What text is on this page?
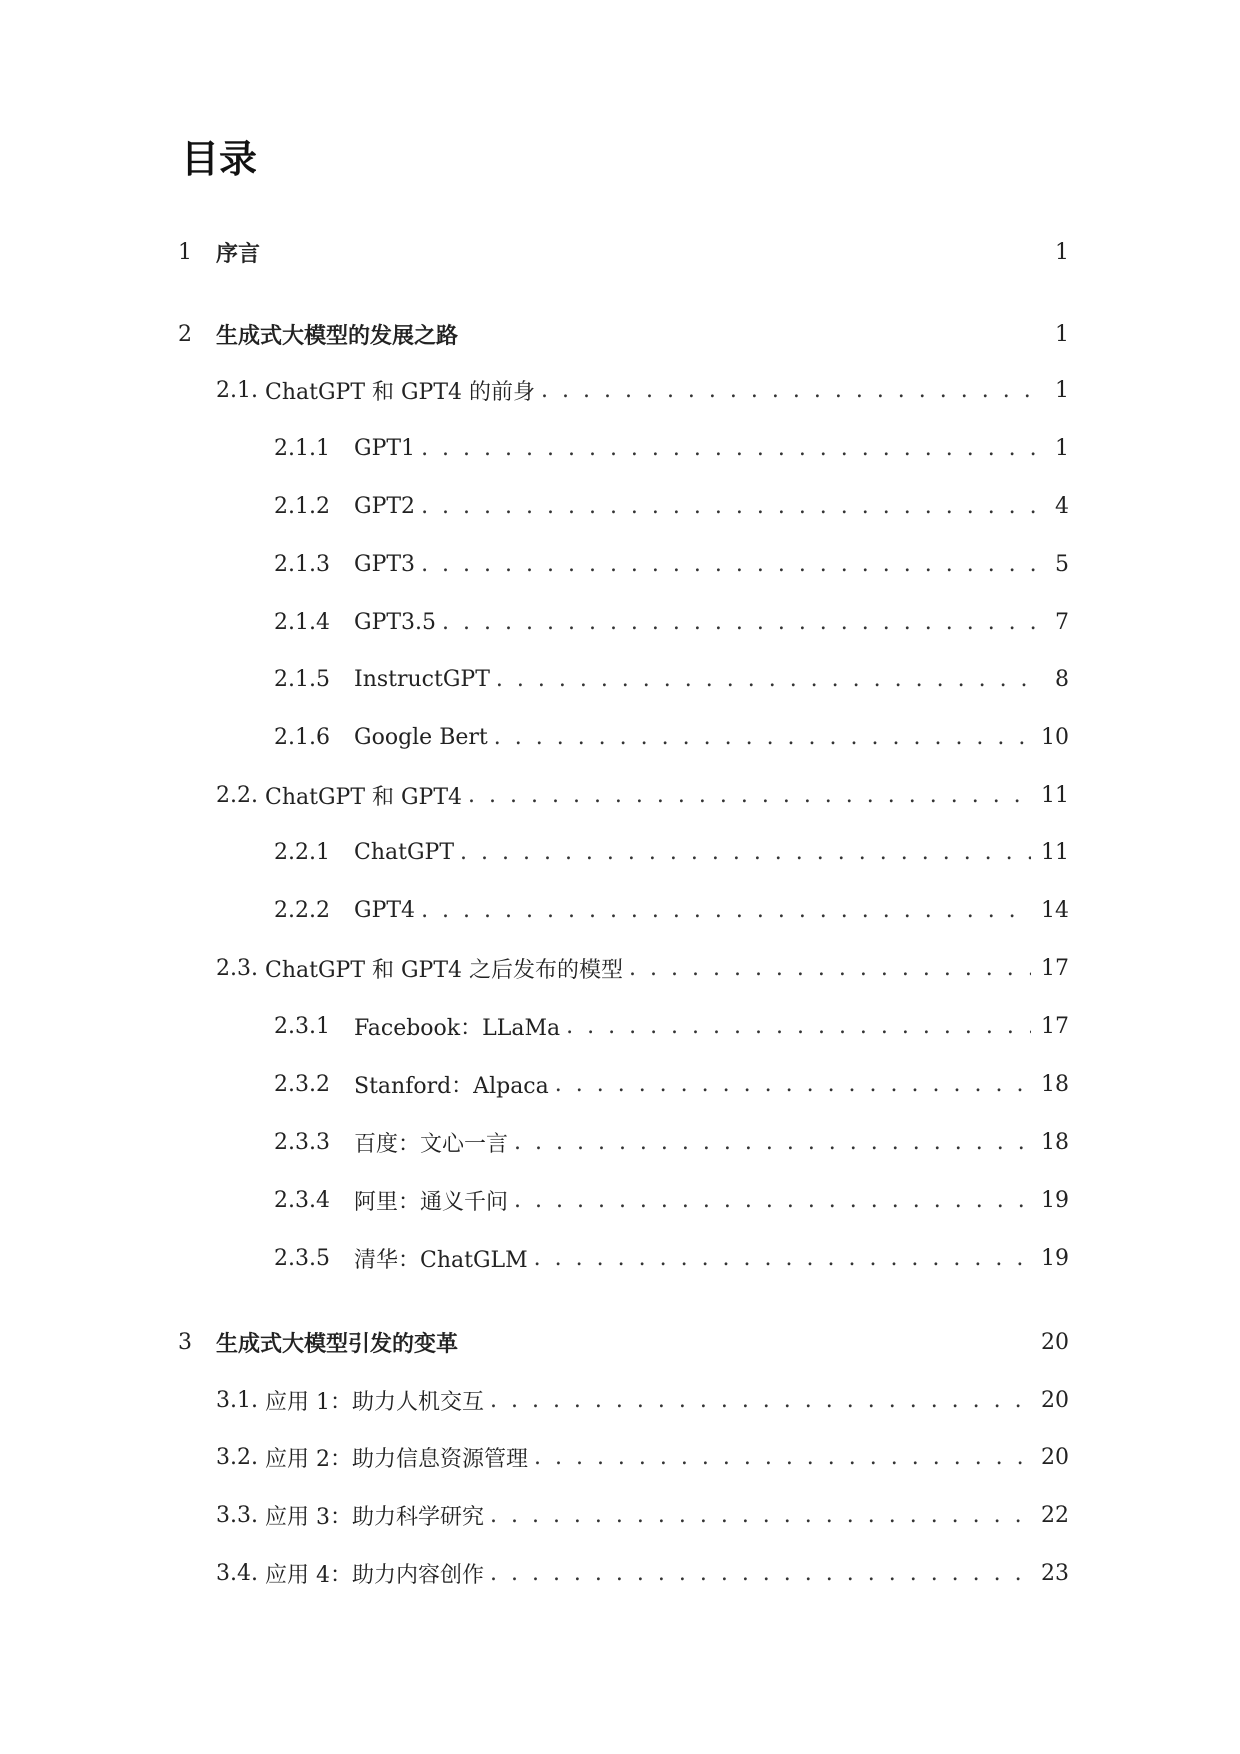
目录
1	序言	1
2	生成式大模型的发展之路	1
2.1. ChatGPT 和 GPT4 的前身 . . .	1
2.1.1	GPT1 . . .	1
2.1.2	GPT2 . . .	4
2.1.3	GPT3 . . .	5
2.1.4	GPT3.5 . . .	7
2.1.5	InstructGPT . . .	8
2.1.6	Google Bert . . .	10
2.2. ChatGPT 和 GPT4 . . .	11
2.2.1	ChatGPT . . .	11
2.2.2	GPT4 . . .	14
2.3. ChatGPT 和 GPT4 之后发布的模型 . . .	17
2.3.1	Facebook：LLaMa . . .	17
2.3.2	Stanford：Alpaca . . .	18
2.3.3	百度：文心一言 . . .	18
2.3.4	阿里：通义千问 . . .	19
2.3.5	清华：ChatGLM . . .	19
3	生成式大模型引发的变革	20
3.1. 应用 1：助力人机交互 . . .	20
3.2. 应用 2：助力信息资源管理 . . .	20
3.3. 应用 3：助力科学研究 . . .	22
3.4. 应用 4：助力内容创作 . . .	23
